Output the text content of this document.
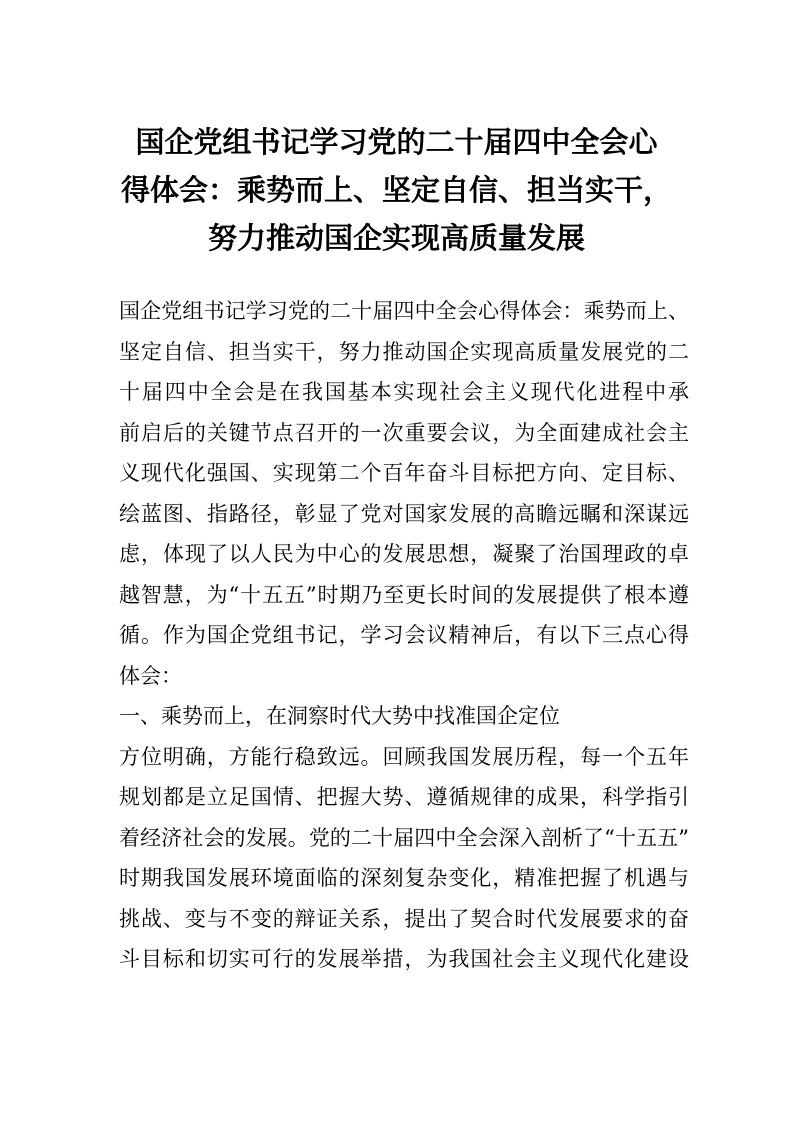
国企党组书记学习党的二十届四中全会心
得体会：乘势而上、坚定自信、担当实干，
努力推动国企实现高质量发展
国企党组书记学习党的二十届四中全会心得体会：乘势而上、
坚定自信、担当实干，努力推动国企实现高质量发展党的二
十届四中全会是在我国基本实现社会主义现代化进程中承
前启后的关键节点召开的一次重要会议，为全面建成社会主
义现代化强国、实现第二个百年奋斗目标把方向、定目标、
绘蓝图、指路径，彰显了党对国家发展的高瞻远瞩和深谋远
虑，体现了以人民为中心的发展思想，凝聚了治国理政的卓
越智慧，为“十五五”时期乃至更长时间的发展提供了根本遵
循。作为国企党组书记，学习会议精神后，有以下三点心得
体会：
一、乘势而上，在洞察时代大势中找准国企定位
方位明确，方能行稳致远。回顾我国发展历程，每一个五年
规划都是立足国情、把握大势、遵循规律的成果，科学指引
着经济社会的发展。党的二十届四中全会深入剖析了“十五五”
时期我国发展环境面临的深刻复杂变化，精准把握了机遇与
挑战、变与不变的辩证关系，提出了契合时代发展要求的奋
斗目标和切实可行的发展举措，为我国社会主义现代化建设
